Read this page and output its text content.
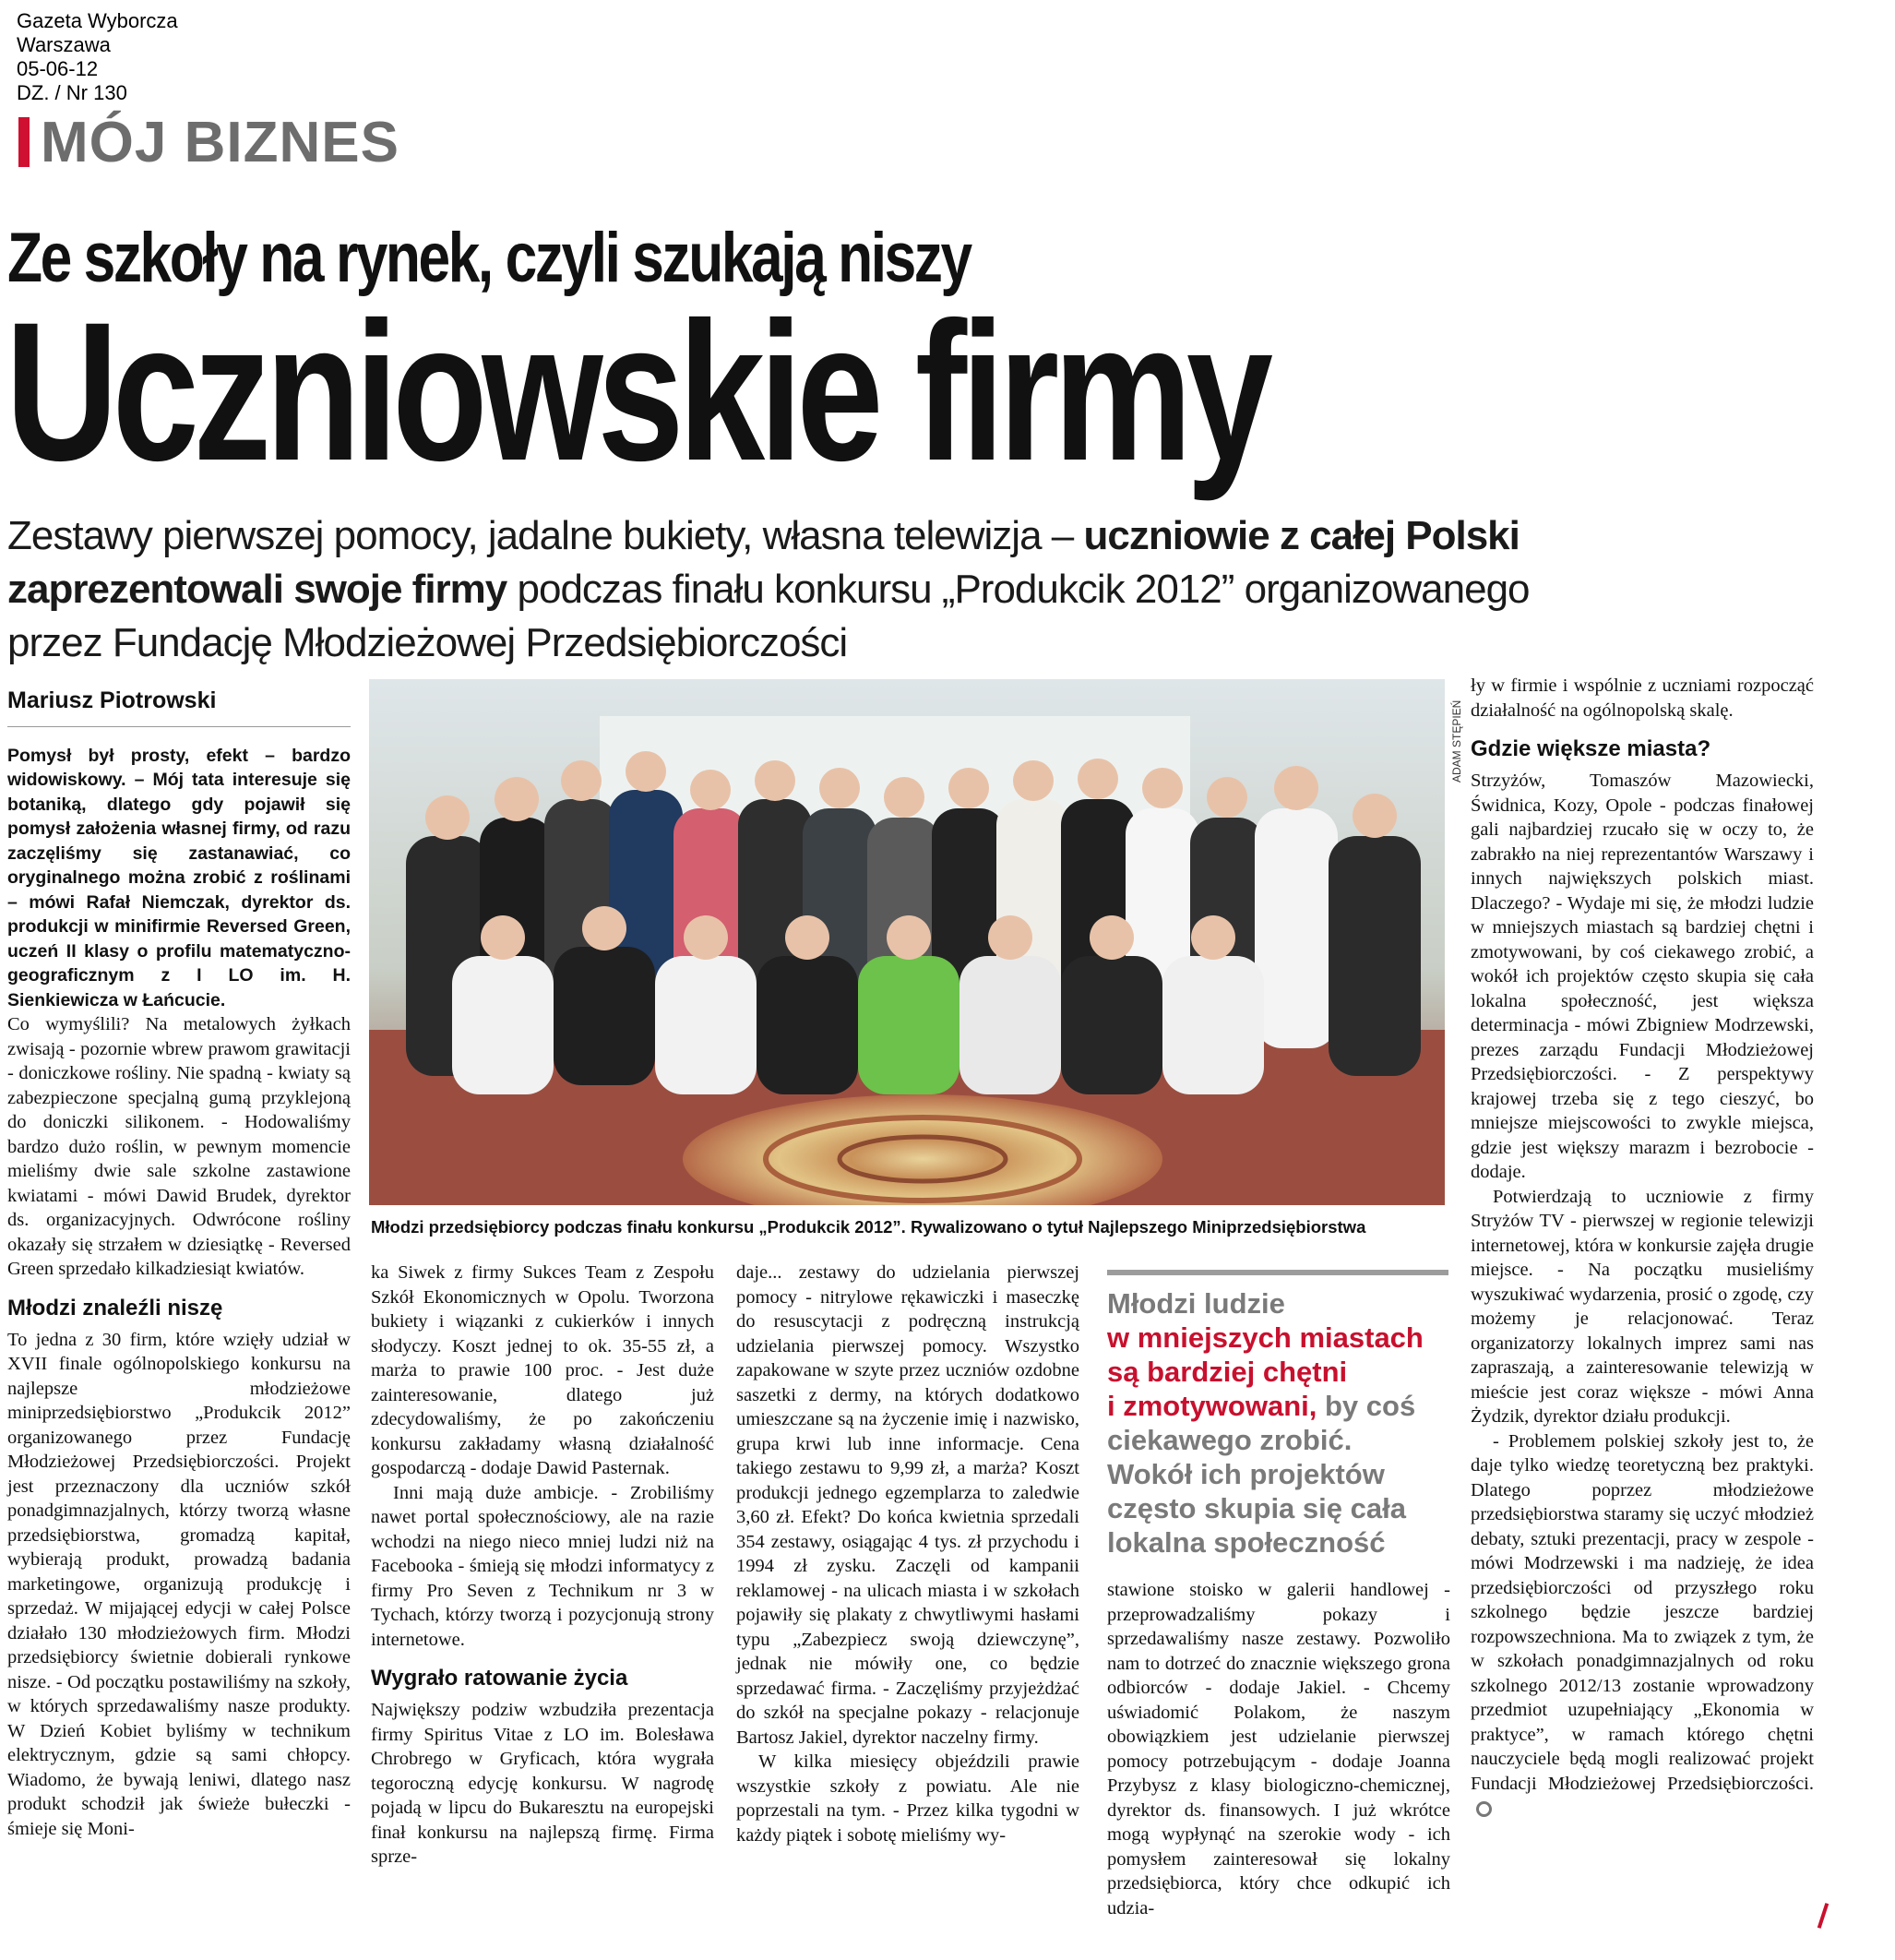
Gazeta Wyborcza
Warszawa
05-06-12
DZ. / Nr 130
MÓJ BIZNES
Ze szkoły na rynek, czyli szukają niszy
Uczniowskie firmy
Zestawy pierwszej pomocy, jadalne bukiety, własna telewizja – uczniowie z całej Polski zaprezentowali swoje firmy podczas finału konkursu „Produkcik 2012” organizowanego przez Fundację Młodzieżowej Przedsiębiorczości
Mariusz Piotrowski

Pomysł był prosty, efekt – bardzo widowiskowy. – Mój tata interesuje się botaniką, dlatego gdy pojawił się pomysł założenia własnej firmy, od razu zaczęliśmy się zastanawiać, co oryginalnego można zrobić z roślinami – mówi Rafał Niemczak, dyrektor ds. produkcji w minifirmie Reversed Green, uczeń II klasy o profilu matematyczno-geograficznym z I LO im. H. Sienkiewicza w Łańcucie.

Co wymyślili? Na metalowych żyłkach zwisają - pozornie wbrew prawom grawitacji - doniczkowe rośliny. Nie spadną - kwiaty są zabezpieczone specjalną gumą przyklejoną do doniczki silikonem. - Hodowaliśmy bardzo dużo roślin, w pewnym momencie mieliśmy dwie sale szkolne zastawione kwiatami - mówi Dawid Brudek, dyrektor ds. organizacyjnych. Odwrócone rośliny okazały się strzałem w dziesiątkę - Reversed Green sprzedało kilkadziesiąt kwiatów.

Młodzi znaleźli niszę

To jedna z 30 firm, które wzięły udział w XVII finale ogólnopolskiego konkursu na najlepsze młodzieżowe miniprzedsiębiorstwo „Produkcik 2012” organizowanego przez Fundację Młodzieżowej Przedsiębiorczości. Projekt jest przeznaczony dla uczniów szkół ponadgimnazjalnych, którzy tworzą własne przedsiębiorstwa, gromadzą kapitał, wybierają produkt, prowadzą badania marketingowe, organizują produkcję i sprzedaż. W mijającej edycji w całej Polsce działało 130 młodzieżowych firm. Młodzi przedsiębiorcy świetnie dobierali rynkowe nisze. - Od początku postawiliśmy na szkoły, w których sprzedawaliśmy nasze produkty. W Dzień Kobiet byliśmy w technikum elektrycznym, gdzie są sami chłopcy. Wiadomo, że bywają leniwi, dlatego nasz produkt schodził jak świeże bułeczki - śmieje się Moni-

ADAM STĘPIEŃ
Młodzi przedsiębiorcy podczas finału konkursu „Produkcik 2012”. Rywalizowano o tytuł Najlepszego Miniprzedsiębiorstwa

ka Siwek z firmy Sukces Team z Zespołu Szkół Ekonomicznych w Opolu. Tworzona bukiety i wiązanki z cukierków i innych słodyczy. Koszt jednej to ok. 35-55 zł, a marża to prawie 100 proc. - Jest duże zainteresowanie, dlatego już zdecydowaliśmy, że po zakończeniu konkursu zakładamy własną działalność gospodarczą - dodaje Dawid Pasternak.

Inni mają duże ambicje. - Zrobiliśmy nawet portal społecznościowy, ale na razie wchodzi na niego nieco mniej ludzi niż na Facebooka - śmieją się młodzi informatycy z firmy Pro Seven z Technikum nr 3 w Tychach, którzy tworzą i pozycjonują strony internetowe.

Wygrało ratowanie życia

Największy podziw wzbudziła prezentacja firmy Spiritus Vitae z LO im. Bolesława Chrobrego w Gryficach, która wygrała tegoroczną edycję konkursu. W nagrodę pojadą w lipcu do Bukaresztu na europejski finał konkursu na najlepszą firmę. Firma sprze-

daje... zestawy do udzielania pierwszej pomocy - nitrylowe rękawiczki i maseczkę do resuscytacji z podręczną instrukcją udzielania pierwszej pomocy. Wszystko zapakowane w szyte przez uczniów ozdobne saszetki z dermy, na których dodatkowo umieszczane są na życzenie imię i nazwisko, grupa krwi lub inne informacje. Cena takiego zestawu to 9,99 zł, a marża? Koszt produkcji jednego egzemplarza to zaledwie 3,60 zł. Efekt? Do końca kwietnia sprzedali 354 zestawy, osiągając 4 tys. zł przychodu i 1994 zł zysku. Zaczęli od kampanii reklamowej - na ulicach miasta i w szkołach pojawiły się plakaty z chwytliwymi hasłami typu „Zabezpiecz swoją dziewczynę”, jednak nie mówiły one, co będzie sprzedawać firma. - Zaczęliśmy przyjeżdżać do szkół na specjalne pokazy - relacjonuje Bartosz Jakiel, dyrektor naczelny firmy.

W kilka miesięcy objeździli prawie wszystkie szkoły z powiatu. Ale nie poprzestali na tym. - Przez kilka tygodni w każdy piątek i sobotę mieliśmy wy-

Młodzi ludzie
w mniejszych miastach
są bardziej chętni
i zmotywowani, by coś
ciekawego zrobić.
Wokół ich projektów
często skupia się cała
lokalna społeczność

stawione stoisko w galerii handlowej - przeprowadzaliśmy pokazy i sprzedawaliśmy nasze zestawy. Pozwoliło nam to dotrzeć do znacznie większego grona odbiorców - dodaje Jakiel. - Chcemy uświadomić Polakom, że naszym obowiązkiem jest udzielanie pierwszej pomocy potrzebującym - dodaje Joanna Przybysz z klasy biologiczno-chemicznej, dyrektor ds. finansowych. I już wkrótce mogą wypłynąć na szerokie wody - ich pomysłem zainteresował się lokalny przedsiębiorca, który chce odkupić ich udzia-

ły w firmie i wspólnie z uczniami rozpocząć działalność na ogólnopolską skalę.

Gdzie większe miasta?

Strzyżów, Tomaszów Mazowiecki, Świdnica, Kozy, Opole - podczas finałowej gali najbardziej rzucało się w oczy to, że zabrakło na niej reprezentantów Warszawy i innych największych polskich miast. Dlaczego? - Wydaje mi się, że młodzi ludzie w mniejszych miastach są bardziej chętni i zmotywowani, by coś ciekawego zrobić, a wokół ich projektów często skupia się cała lokalna społeczność, jest większa determinacja - mówi Zbigniew Modrzewski, prezes zarządu Fundacji Młodzieżowej Przedsiębiorczości. - Z perspektywy krajowej trzeba się z tego cieszyć, bo mniejsze miejscowości to zwykle miejsca, gdzie jest większy marazm i bezrobocie - dodaje.

Potwierdzają to uczniowie z firmy Stryżów TV - pierwszej w regionie telewizji internetowej, która w konkursie zajęła drugie miejsce. - Na początku musieliśmy wyszukiwać wydarzenia, prosić o zgodę, czy możemy je relacjonować. Teraz organizatorzy lokalnych imprez sami nas zapraszają, a zainteresowanie telewizją w mieście jest coraz większe - mówi Anna Żydzik, dyrektor działu produkcji.

- Problemem polskiej szkoły jest to, że daje tylko wiedzę teoretyczną bez praktyki. Dlatego poprzez młodzieżowe przedsiębiorstwa staramy się uczyć młodzież debaty, sztuki prezentacji, pracy w zespole - mówi Modrzewski i ma nadzieję, że idea przedsiębiorczości od przyszłego roku szkolnego będzie jeszcze bardziej rozpowszechniona. Ma to związek z tym, że w szkołach ponadgimnazjalnych od roku szkolnego 2012/13 zostanie wprowadzony przedmiot uzupełniający „Ekonomia w praktyce”, w ramach którego chętni nauczyciele będą mogli realizować projekt Fundacji Młodzieżowej Przedsiębiorczości.
